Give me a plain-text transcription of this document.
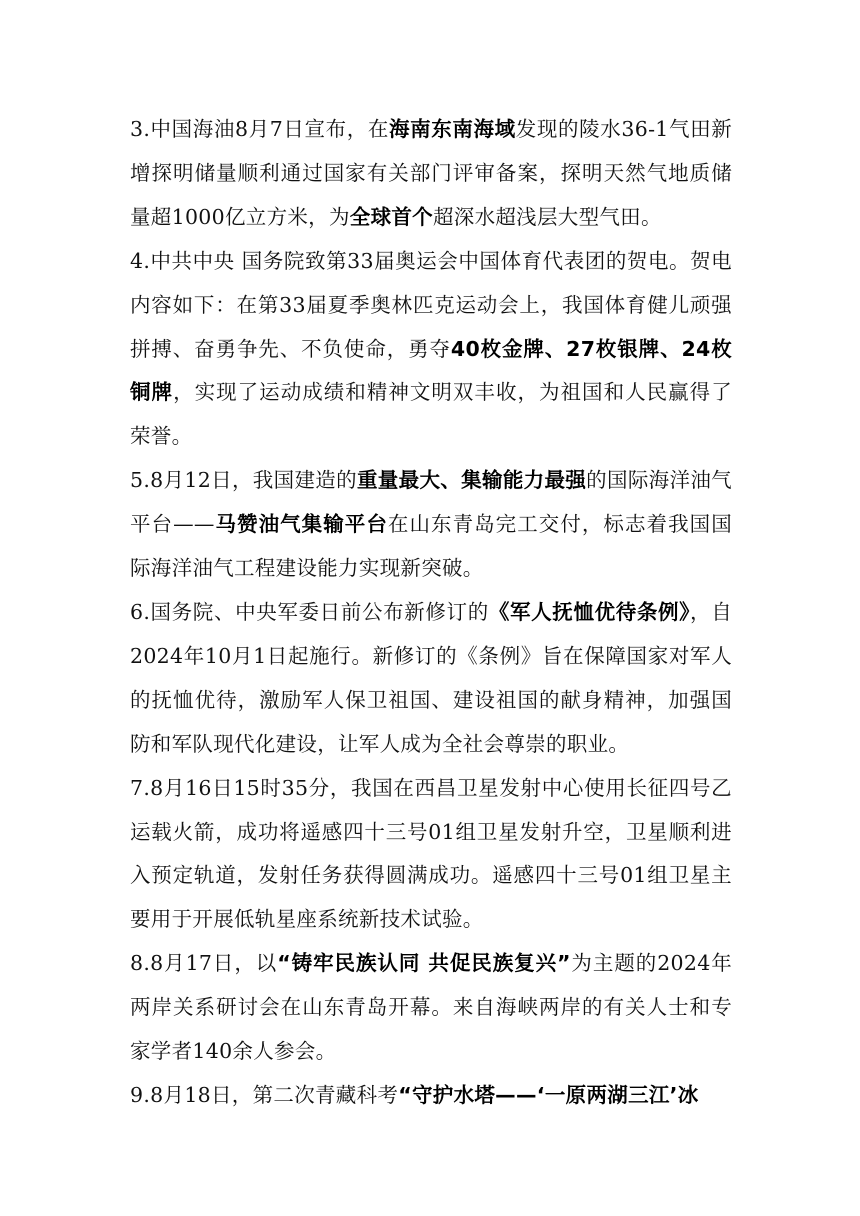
3.中国海油8月7日宣布，在海南东南海域发现的陵水36-1气田新增探明储量顺利通过国家有关部门评审备案，探明天然气地质储量超1000亿立方米，为全球首个超深水超浅层大型气田。

4.中共中央 国务院致第33届奥运会中国体育代表团的贺电。贺电内容如下：在第33届夏季奥林匹克运动会上，我国体育健儿顽强拼搏、奋勇争先、不负使命，勇夺40枚金牌、27枚银牌、24枚铜牌，实现了运动成绩和精神文明双丰收，为祖国和人民赢得了荣誉。

5.8月12日，我国建造的重量最大、集输能力最强的国际海洋油气平台——马赞油气集输平台在山东青岛完工交付，标志着我国国际海洋油气工程建设能力实现新突破。

6.国务院、中央军委日前公布新修订的《军人抚恤优待条例》，自2024年10月1日起施行。新修订的《条例》旨在保障国家对军人的抚恤优待，激励军人保卫祖国、建设祖国的献身精神，加强国防和军队现代化建设，让军人成为全社会尊崇的职业。

7.8月16日15时35分，我国在西昌卫星发射中心使用长征四号乙运载火箭，成功将遥感四十三号01组卫星发射升空，卫星顺利进入预定轨道，发射任务获得圆满成功。遥感四十三号01组卫星主要用于开展低轨星座系统新技术试验。

8.8月17日，以“铸牢民族认同 共促民族复兴”为主题的2024年两岸关系研讨会在山东青岛开幕。来自海峡两岸的有关人士和专家学者140余人参会。

9.8月18日，第二次青藏科考“守护水塔——‘一原两湖三江’冰
